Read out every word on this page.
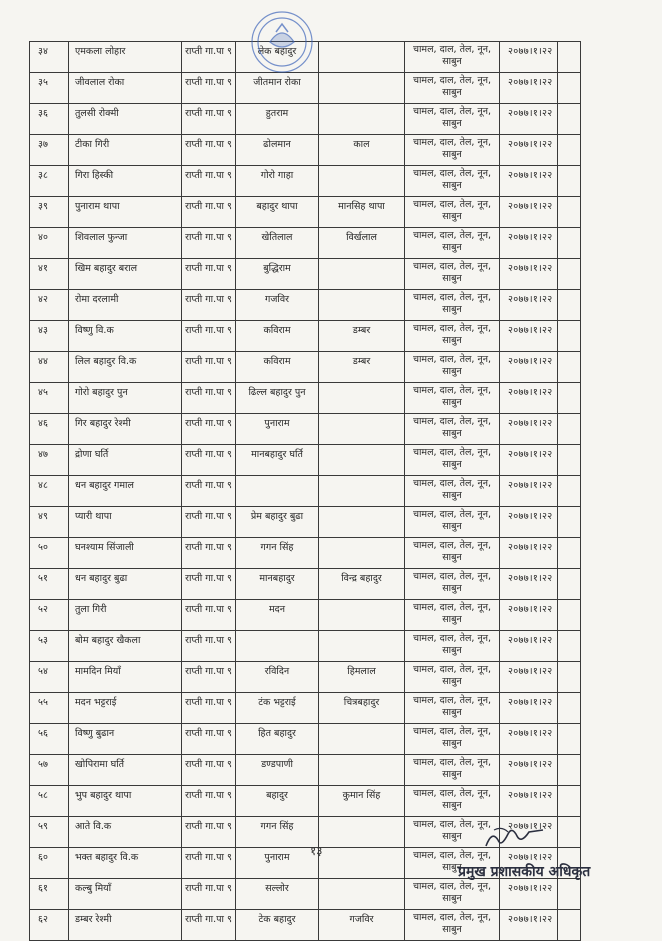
३४	एमकला लोहार	राप्ती गा.पा ९	लेक बहादुर		चामल, दाल, तेल, नून, साबुन	२०७७।१।२२	

३५	जीवलाल रोका	राप्ती गा.पा ९	जीतमान रोका		चामल, दाल, तेल, नून, साबुन	२०७७।१।२२	

३६	तुलसी रोक्मी	राप्ती गा.पा ९	हुतराम		चामल, दाल, तेल, नून, साबुन	२०७७।१।२२	

३७	टीका गिरी	राप्ती गा.पा ९	ढोलमान	काल	चामल, दाल, तेल, नून, साबुन	२०७७।१।२२	

३८	गिरा हिस्की	राप्ती गा.पा ९	गोरो गाहा		चामल, दाल, तेल, नून, साबुन	२०७७।१।२२	

३९	पुनाराम थापा	राप्ती गा.पा ९	बहादुर थापा	मानसिह थापा	चामल, दाल, तेल, नून, साबुन	२०७७।१।२२	

४०	शिवलाल फुन्जा	राप्ती गा.पा ९	खेतिलाल	विर्खलाल	चामल, दाल, तेल, नून, साबुन	२०७७।१।२२	

४१	खिम बहादुर बराल	राप्ती गा.पा ९	बुद्धिराम		चामल, दाल, तेल, नून, साबुन	२०७७।१।२२	

४२	रोमा दरलामी	राप्ती गा.पा ९	गजविर		चामल, दाल, तेल, नून, साबुन	२०७७।१।२२	

४३	विष्णु वि.क	राप्ती गा.पा ९	कविराम	डम्बर	चामल, दाल, तेल, नून, साबुन	२०७७।१।२२	

४४	लिल बहादुर वि.क	राप्ती गा.पा ९	कविराम	डम्बर	चामल, दाल, तेल, नून, साबुन	२०७७।१।२२	

४५	गोरो बहादुर पुन	राप्ती गा.पा ९	ढिल्ल बहादुर पुन		चामल, दाल, तेल, नून, साबुन	२०७७।१।२२	

४६	गिर बहादुर रेश्मी	राप्ती गा.पा ९	पुनाराम		चामल, दाल, तेल, नून, साबुन	२०७७।१।२२	

४७	द्रोणा घर्ति	राप्ती गा.पा ९	मानबहादुर घर्ति		चामल, दाल, तेल, नून, साबुन	२०७७।१।२२	

४८	धन बहादुर गमाल	राप्ती गा.पा ९			चामल, दाल, तेल, नून, साबुन	२०७७।१।२२	

४९	प्यारी थापा	राप्ती गा.पा ९	प्रेम बहादुर बुढा		चामल, दाल, तेल, नून, साबुन	२०७७।१।२२	

५०	घनश्याम सिंजाली	राप्ती गा.पा ९	गगन सिंह		चामल, दाल, तेल, नून, साबुन	२०७७।१।२२	

५१	धन बहादुर बुढा	राप्ती गा.पा ९	मानबहादुर	विन्द्र बहादुर	चामल, दाल, तेल, नून, साबुन	२०७७।१।२२	

५२	तुला गिरी	राप्ती गा.पा ९	मदन		चामल, दाल, तेल, नून, साबुन	२०७७।१।२२	

५३	बोम बहादुर खैकला	राप्ती गा.पा ९			चामल, दाल, तेल, नून, साबुन	२०७७।१।२२	

५४	मामदिन मियाँ	राप्ती गा.पा ९	रविदिन	हिमलाल	चामल, दाल, तेल, नून, साबुन	२०७७।१।२२	

५५	मदन भट्टराई	राप्ती गा.पा ९	टंक भट्टराई	चित्रबहादुर	चामल, दाल, तेल, नून, साबुन	२०७७।१।२२	

५६	विष्णु बुढान	राप्ती गा.पा ९	हित बहादुर		चामल, दाल, तेल, नून, साबुन	२०७७।१।२२	

५७	खोपिरामा घर्ति	राप्ती गा.पा ९	डण्डपाणी		चामल, दाल, तेल, नून, साबुन	२०७७।१।२२	

५८	भुप बहादुर थापा	राप्ती गा.पा ९	बहादुर	कुमान सिंह	चामल, दाल, तेल, नून, साबुन	२०७७।१।२२	

५९	आते वि.क	राप्ती गा.पा ९	गगन सिंह		चामल, दाल, तेल, नून, साबुन	२०७७।१।२२	

६०	भक्त बहादुर वि.क	राप्ती गा.पा ९	पुनाराम		चामल, दाल, तेल, नून, साबुन	२०७७।१।२२	

६१	कल्बु मियाँ	राप्ती गा.पा ९	सल्लोर		चामल, दाल, तेल, नून, साबुन	२०७७।१।२२	

६२	डम्बर रेश्मी	राप्ती गा.पा ९	टेक बहादुर	गजविर	चामल, दाल, तेल, नून, साबुन	२०७७।१।२२	

१३
प्रमुख प्रशासकीय अधिकृत
